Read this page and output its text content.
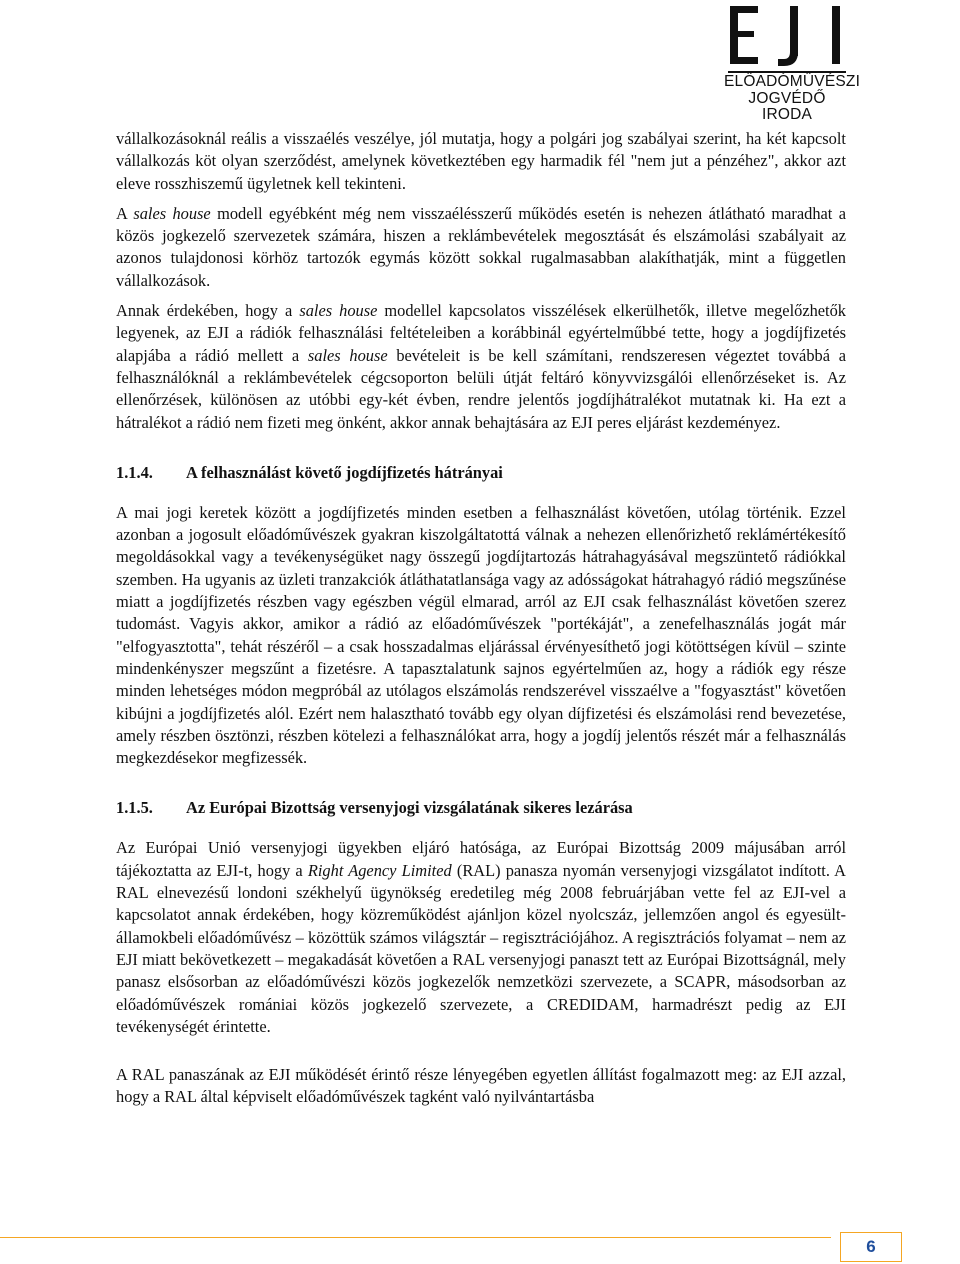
ELŐADÓMŰVÉSZI
JOGVÉDŐ IRODA

vállalkozásoknál reális a visszaélés veszélye, jól mutatja, hogy a polgári jog szabályai szerint, ha két kapcsolt vállalkozás köt olyan szerződést, amelynek következtében egy harmadik fél "nem jut a pénzéhez", akkor azt eleve rosszhiszemű ügyletnek kell tekinteni.

A sales house modell egyébként még nem visszaélésszerű működés esetén is nehezen átlátható maradhat a közös jogkezelő szervezetek számára, hiszen a reklámbevételek megosztását és elszámolási szabályait az azonos tulajdonosi körhöz tartozók egymás között sokkal rugalmasabban alakíthatják, mint a független vállalkozások.

Annak érdekében, hogy a sales house modellel kapcsolatos visszélések elkerülhetők, illetve megelőzhetők legyenek, az EJI a rádiók felhasználási feltételeiben a korábbinál egyértelműbbé tette, hogy a jogdíjfizetés alapjába a rádió mellett a sales house bevételeit is be kell számítani, rendszeresen végeztet továbbá a felhasználóknál a reklámbevételek cégcsoporton belüli útját feltáró könyvvizsgálói ellenőrzéseket is. Az ellenőrzések, különösen az utóbbi egy-két évben, rendre jelentős jogdíjhátralékot mutatnak ki. Ha ezt a hátralékot a rádió nem fizeti meg önként, akkor annak behajtására az EJI peres eljárást kezdeményez.

1.1.4.	A felhasználást követő jogdíjfizetés hátrányai

A mai jogi keretek között a jogdíjfizetés minden esetben a felhasználást követően, utólag történik. Ezzel azonban a jogosult előadóművészek gyakran kiszolgáltatottá válnak a nehezen ellenőrizhető reklámértékesítő megoldásokkal vagy a tevékenységüket nagy összegű jogdíjtartozás hátrahagyásával megszüntető rádiókkal szemben. Ha ugyanis az üzleti tranzakciók átláthatatlansága vagy az adósságokat hátrahagyó rádió megszűnése miatt a jogdíjfizetés részben vagy egészben végül elmarad, arról az EJI csak felhasználást követően szerez tudomást. Vagyis akkor, amikor a rádió az előadóművészek "portékáját", a zenefelhasználás jogát már "elfogyasztotta", tehát részéről – a csak hosszadalmas eljárással érvényesíthető jogi kötöttségen kívül – szinte mindenkényszer megszűnt a fizetésre. A tapasztalatunk sajnos egyértelműen az, hogy a rádiók egy része minden lehetséges módon megpróbál az utólagos elszámolás rendszerével visszaélve a "fogyasztást" követően kibújni a jogdíjfizetés alól. Ezért nem halasztható tovább egy olyan díjfizetési és elszámolási rend bevezetése, amely részben ösztönzi, részben kötelezi a felhasználókat arra, hogy a jogdíj jelentős részét már a felhasználás megkezdésekor megfizessék.

1.1.5.	Az Európai Bizottság versenyjogi vizsgálatának sikeres lezárása

Az Európai Unió versenyjogi ügyekben eljáró hatósága, az Európai Bizottság 2009 májusában arról tájékoztatta az EJI-t, hogy a Right Agency Limited (RAL) panasza nyomán versenyjogi vizsgálatot indított. A RAL elnevezésű londoni székhelyű ügynökség eredetileg még 2008 februárjában vette fel az EJI-vel a kapcsolatot annak érdekében, hogy közreműködést ajánljon közel nyolcszáz, jellemzően angol és egyesült-államokbeli előadóművész – közöttük számos világsztár – regisztrációjához. A regisztrációs folyamat – nem az EJI miatt bekövetkezett – megakadását követően a RAL versenyjogi panaszt tett az Európai Bizottságnál, mely panasz elsősorban az előadóművészi közös jogkezelők nemzetközi szervezete, a SCAPR, másodsorban az előadóművészek romániai közös jogkezelő szervezete, a CREDIDAM, harmadrészt pedig az EJI tevékenységét érintette.

A RAL panaszának az EJI működését érintő része lényegében egyetlen állítást fogalmazott meg: az EJI azzal, hogy a RAL által képviselt előadóművészek tagként való nyilvántartásba

6
